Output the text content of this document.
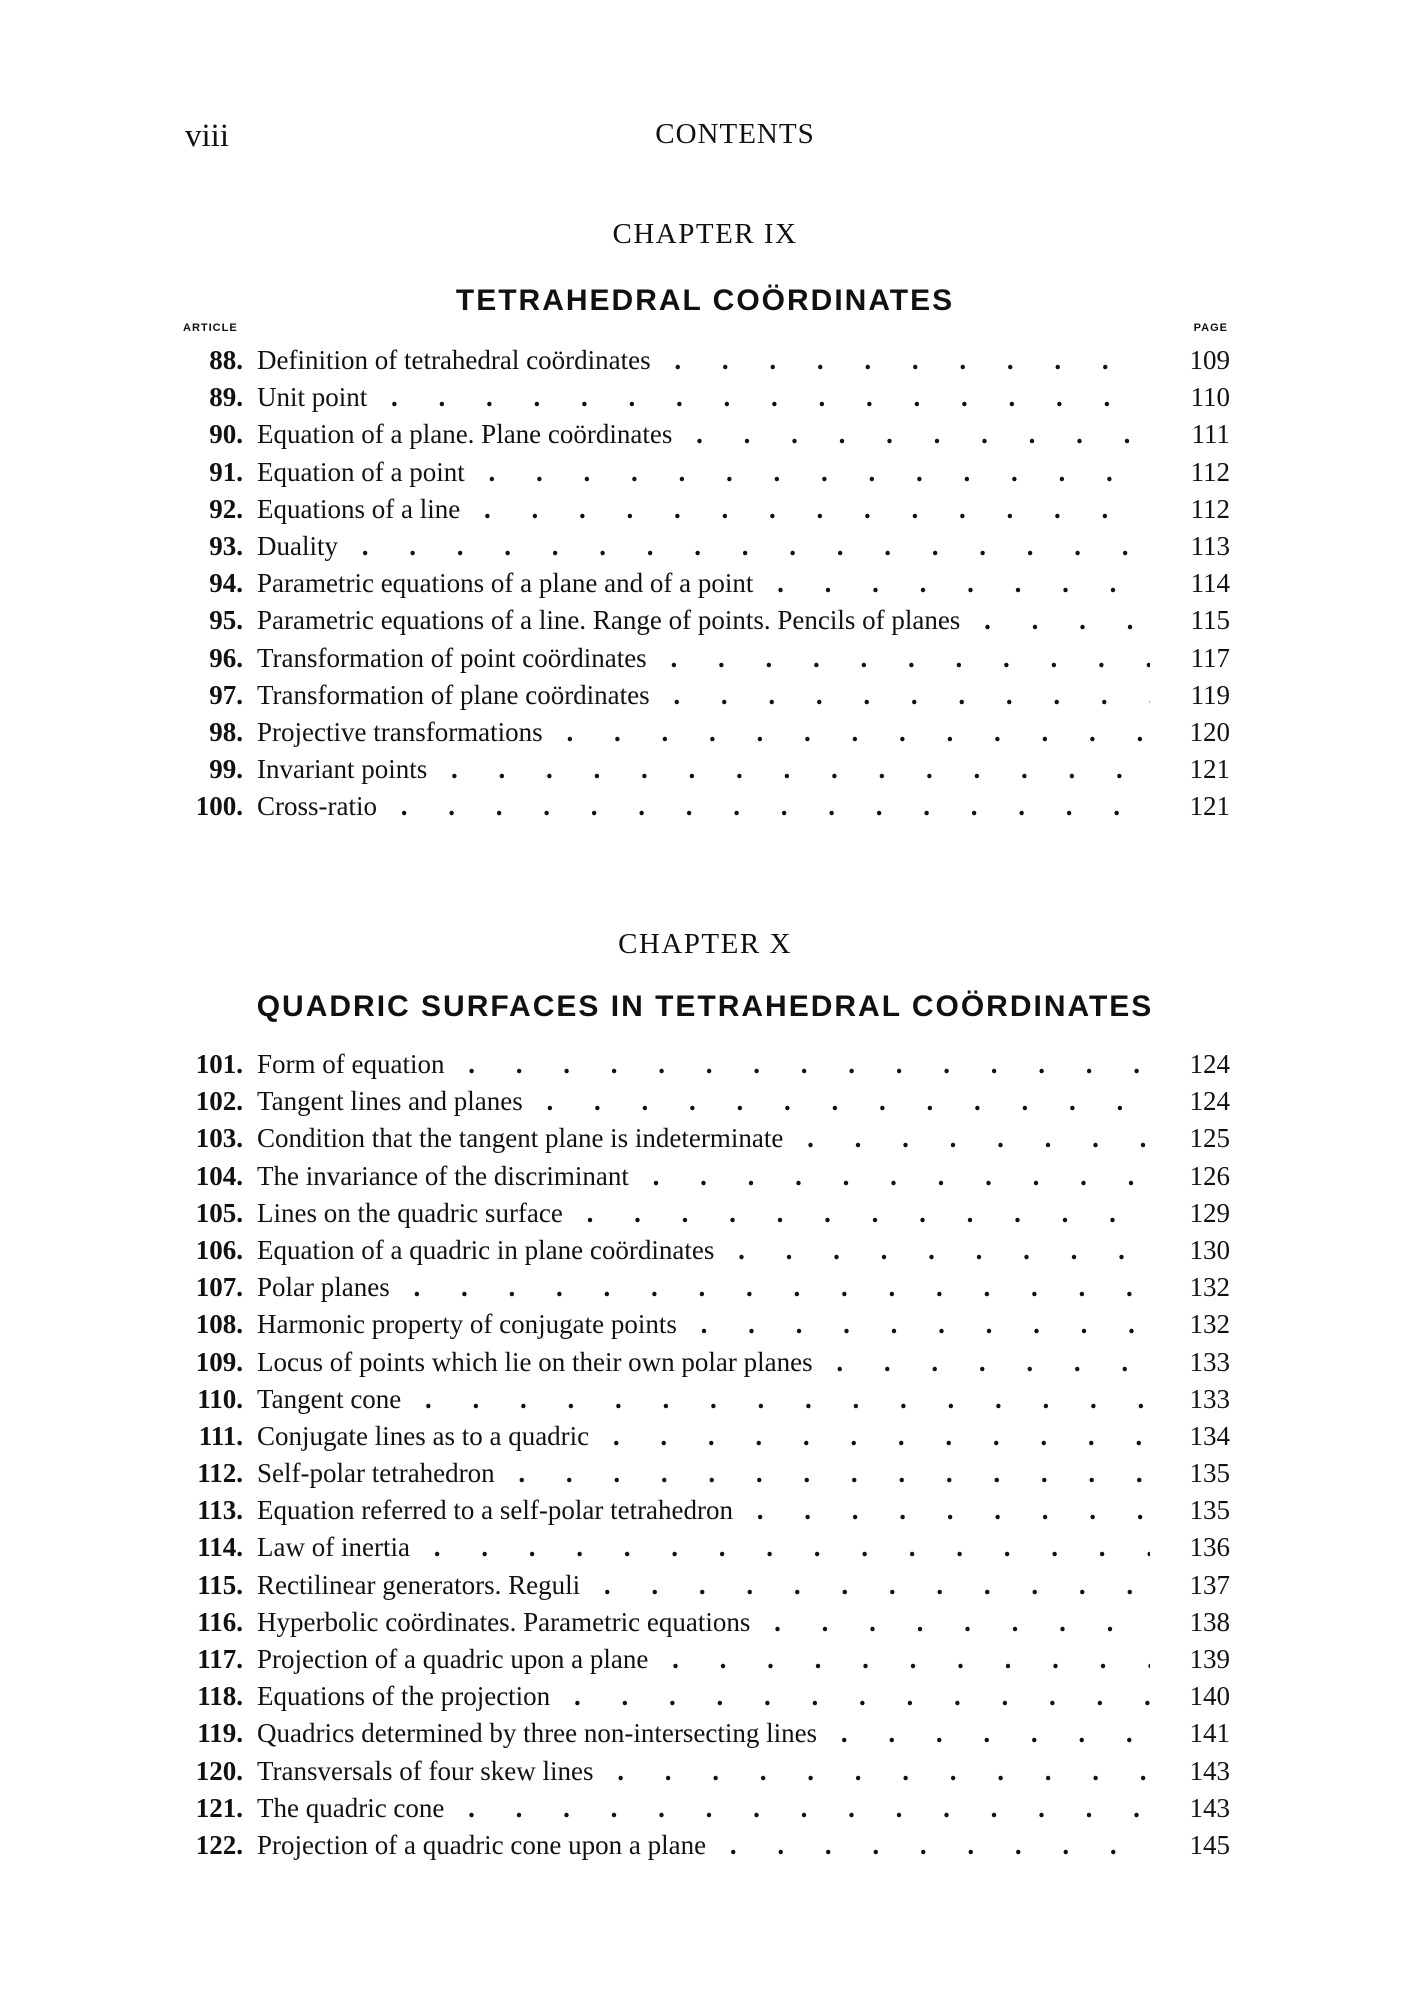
viii	CONTENTS
CHAPTER IX
TETRAHEDRAL COÖRDINATES
ARTICLE	PAGE
88. Definition of tetrahedral coördinates . . .	109
89. Unit point . . .	110
90. Equation of a plane. Plane coördinates . . .	111
91. Equation of a point . . .	112
92. Equations of a line . . .	112
93. Duality . . .	113
94. Parametric equations of a plane and of a point . . .	114
95. Parametric equations of a line. Range of points. Pencils of planes . . .	115
96. Transformation of point coördinates . . .	117
97. Transformation of plane coördinates . . .	119
98. Projective transformations . . .	120
99. Invariant points . . .	121
100. Cross-ratio . . .	121
CHAPTER X
QUADRIC SURFACES IN TETRAHEDRAL COÖRDINATES
101. Form of equation . . .	124
102. Tangent lines and planes . . .	124
103. Condition that the tangent plane is indeterminate . . .	125
104. The invariance of the discriminant . . .	126
105. Lines on the quadric surface . . .	129
106. Equation of a quadric in plane coördinates . . .	130
107. Polar planes . . .	132
108. Harmonic property of conjugate points . . .	132
109. Locus of points which lie on their own polar planes . . .	133
110. Tangent cone . . .	133
111. Conjugate lines as to a quadric . . .	134
112. Self-polar tetrahedron . . .	135
113. Equation referred to a self-polar tetrahedron . . .	135
114. Law of inertia . . .	136
115. Rectilinear generators. Reguli . . .	137
116. Hyperbolic coördinates. Parametric equations . . .	138
117. Projection of a quadric upon a plane . . .	139
118. Equations of the projection . . .	140
119. Quadrics determined by three non-intersecting lines . . .	141
120. Transversals of four skew lines . . .	143
121. The quadric cone . . .	143
122. Projection of a quadric cone upon a plane . . .	145
